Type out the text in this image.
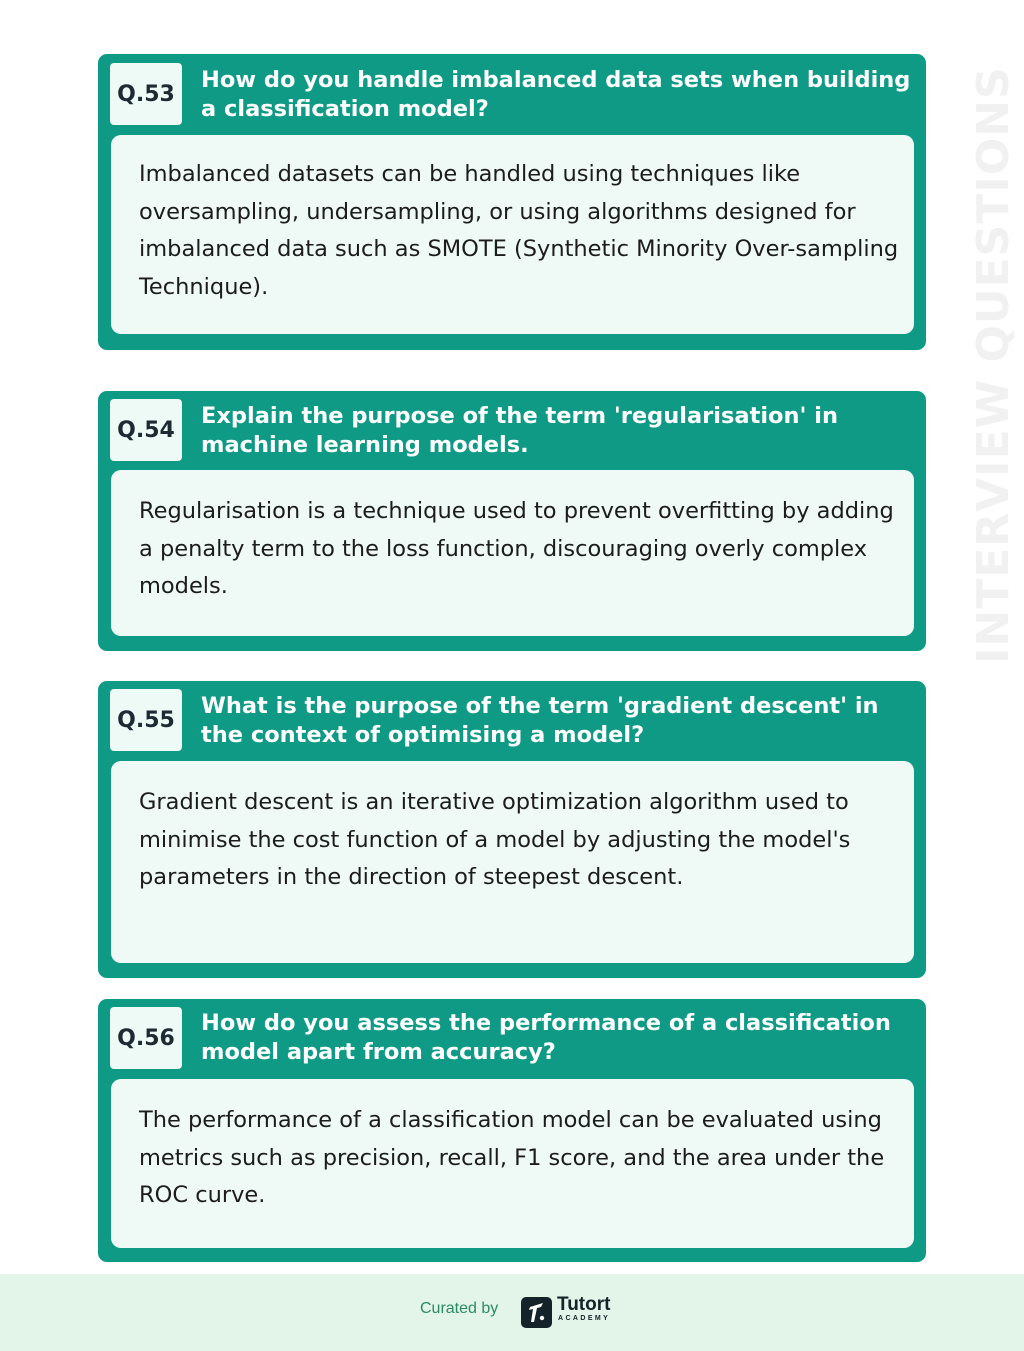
INTERVIEW QUESTIONS
Q.53
How do you handle imbalanced data sets when building a classification model?
Imbalanced datasets can be handled using techniques like oversampling, undersampling, or using algorithms designed for imbalanced data such as SMOTE (Synthetic Minority Over-sampling Technique).
Q.54
Explain the purpose of the term 'regularisation' in machine learning models.
Regularisation is a technique used to prevent overfitting by adding a penalty term to the loss function, discouraging overly complex models.
Q.55
What is the purpose of the term 'gradient descent' in the context of optimising a model?
Gradient descent is an iterative optimization algorithm used to minimise the cost function of a model by adjusting the model's parameters in the direction of steepest descent.
Q.56
How do you assess the performance of a classification model apart from accuracy?
The performance of a classification model can be evaluated using metrics such as precision, recall, F1 score, and the area under the ROC curve.
Curated by	Tutort
ACADEMY
